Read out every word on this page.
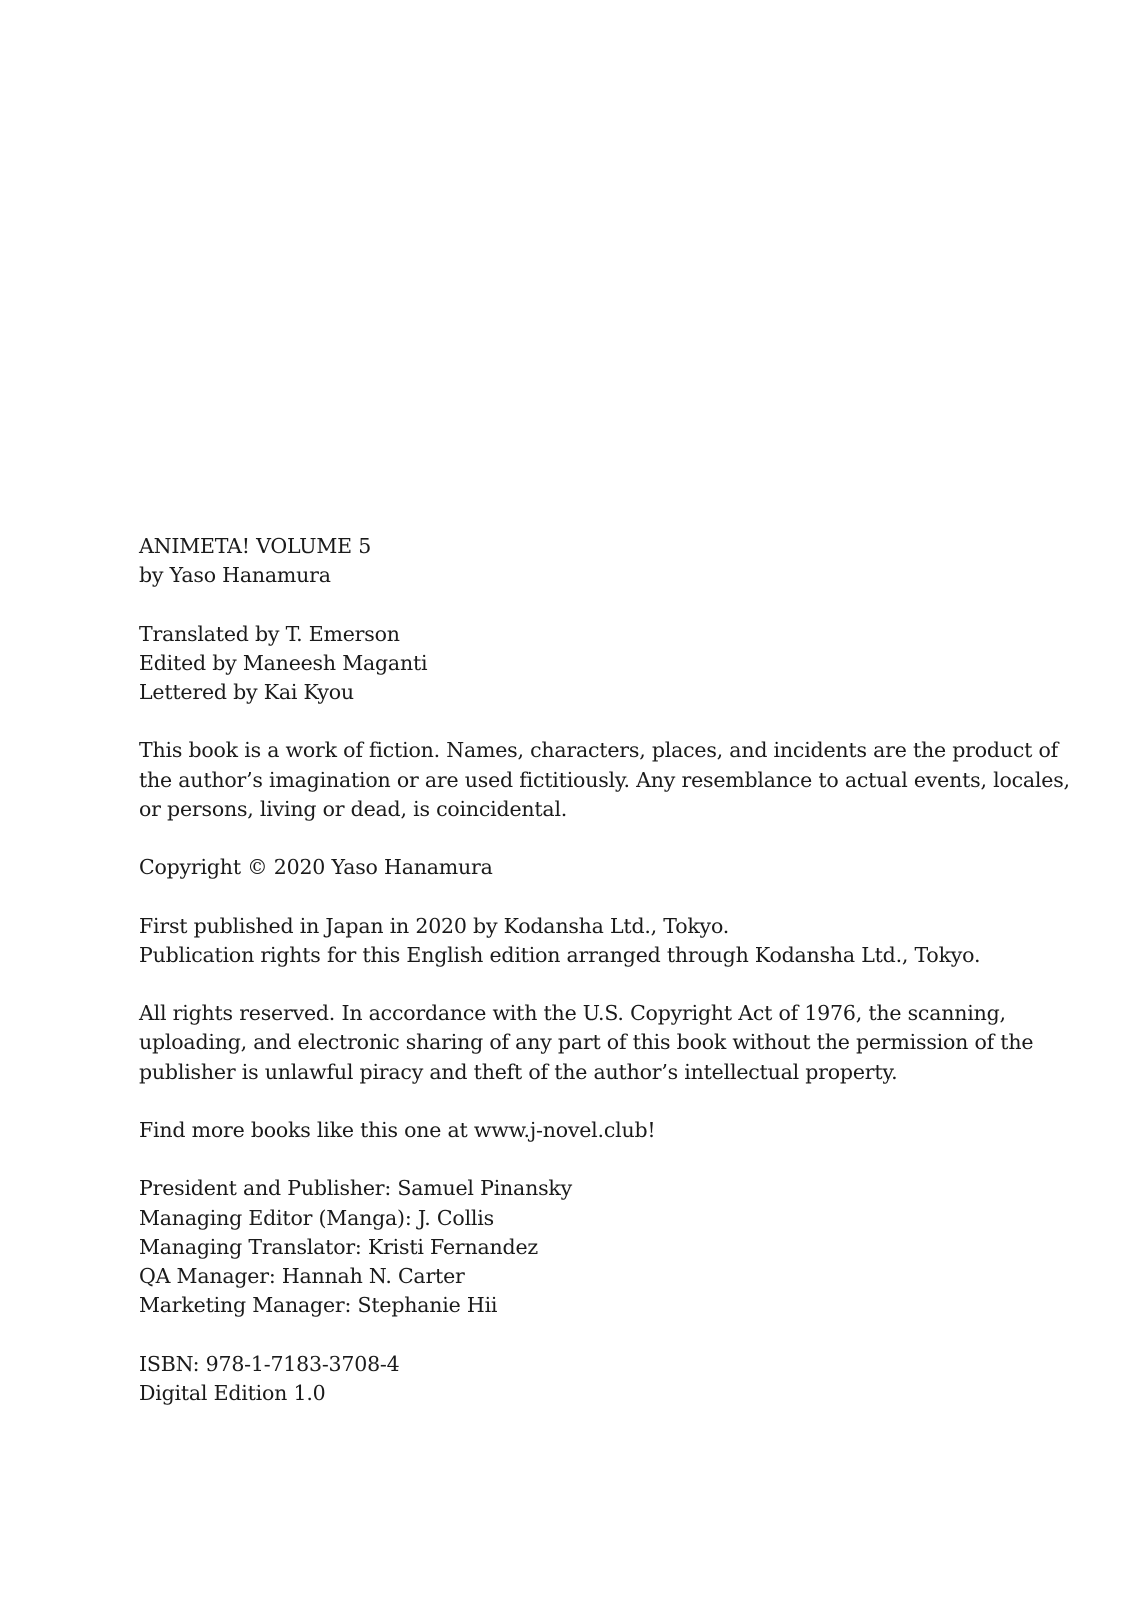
ANIMETA! VOLUME 5
by Yaso Hanamura
Translated by T. Emerson
Edited by Maneesh Maganti
Lettered by Kai Kyou
This book is a work of fiction. Names, characters, places, and incidents are the product of
the author’s imagination or are used fictitiously. Any resemblance to actual events, locales,
or persons, living or dead, is coincidental.
Copyright © 2020 Yaso Hanamura
First published in Japan in 2020 by Kodansha Ltd., Tokyo.
Publication rights for this English edition arranged through Kodansha Ltd., Tokyo.
All rights reserved. In accordance with the U.S. Copyright Act of 1976, the scanning,
uploading, and electronic sharing of any part of this book without the permission of the
publisher is unlawful piracy and theft of the author’s intellectual property.
Find more books like this one at www.j-novel.club!
President and Publisher: Samuel Pinansky
Managing Editor (Manga): J. Collis
Managing Translator: Kristi Fernandez
QA Manager: Hannah N. Carter
Marketing Manager: Stephanie Hii
ISBN: 978-1-7183-3708-4
Digital Edition 1.0
